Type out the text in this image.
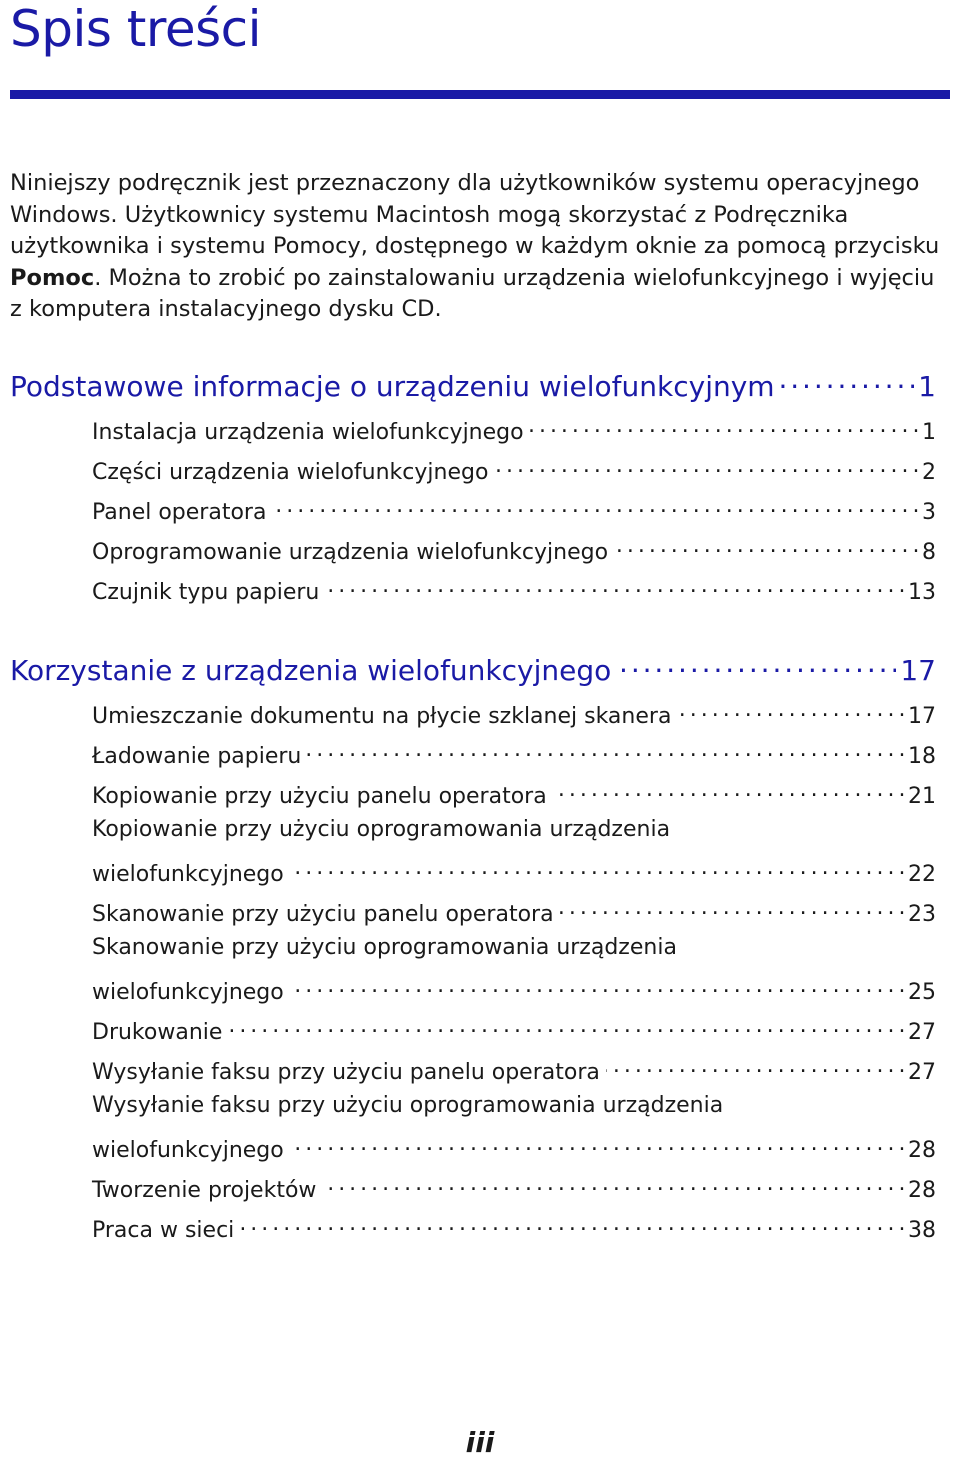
Spis treści

Niniejszy podręcznik jest przeznaczony dla użytkowników systemu operacyjnego Windows. Użytkownicy systemu Macintosh mogą skorzystać z Podręcznika użytkownika i systemu Pomocy, dostępnego w każdym oknie za pomocą przycisku Pomoc. Można to zrobić po zainstalowaniu urządzenia wielofunkcyjnego i wyjęciu z komputera instalacyjnego dysku CD.

Podstawowe informacje o urządzeniu wielofunkcyjnym . . .	1
Instalacja urządzenia wielofunkcyjnego . . .	1
Części urządzenia wielofunkcyjnego . . .	2
Panel operatora . . .	3
Oprogramowanie urządzenia wielofunkcyjnego . . .	8
Czujnik typu papieru . . .	13
Korzystanie z urządzenia wielofunkcyjnego . . .	17
Umieszczanie dokumentu na płycie szklanej skanera . . .	17
Ładowanie papieru . . .	18
Kopiowanie przy użyciu panelu operatora . . .	21
Kopiowanie przy użyciu oprogramowania urządzenia
wielofunkcyjnego . . .	22
Skanowanie przy użyciu panelu operatora . . .	23
Skanowanie przy użyciu oprogramowania urządzenia
wielofunkcyjnego . . .	25
Drukowanie . . .	27
Wysyłanie faksu przy użyciu panelu operatora . . .	27
Wysyłanie faksu przy użyciu oprogramowania urządzenia
wielofunkcyjnego . . .	28
Tworzenie projektów . . .	28
Praca w sieci . . .	38
iii
